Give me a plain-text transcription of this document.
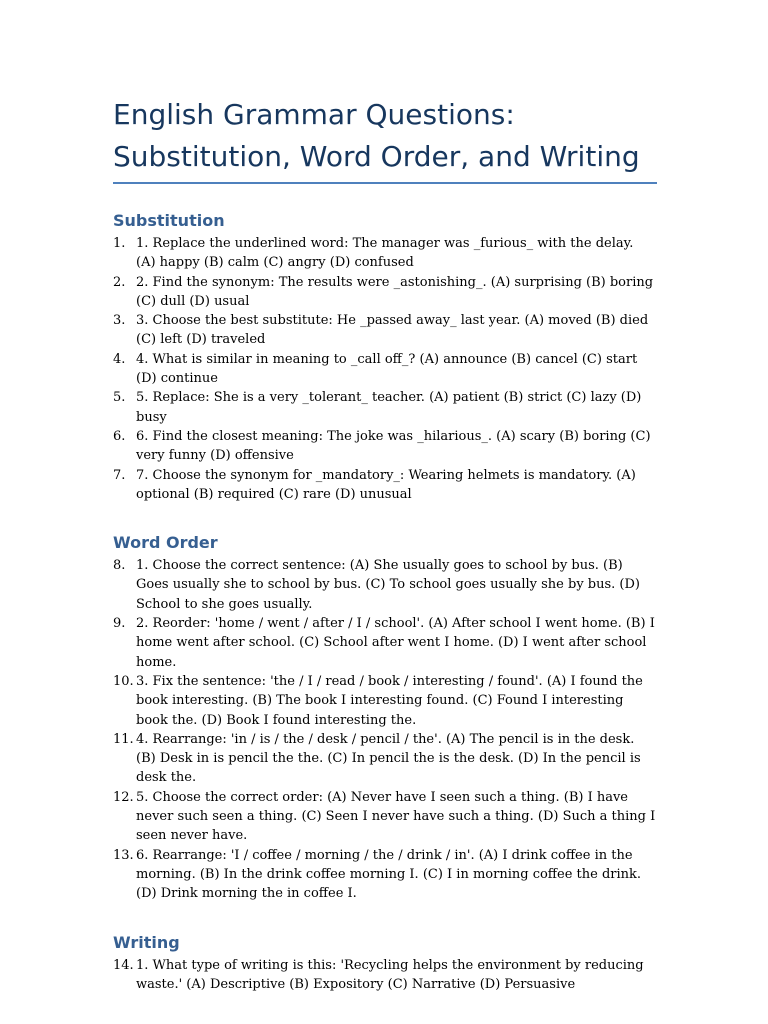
English Grammar Questions:
Substitution, Word Order, and Writing
Substitution
1. 1. Replace the underlined word: The manager was _furious_ with the delay. (A) happy (B) calm (C) angry (D) confused
2. 2. Find the synonym: The results were _astonishing_. (A) surprising (B) boring (C) dull (D) usual
3. 3. Choose the best substitute: He _passed away_ last year. (A) moved (B) died (C) left (D) traveled
4. 4. What is similar in meaning to _call off_? (A) announce (B) cancel (C) start (D) continue
5. 5. Replace: She is a very _tolerant_ teacher. (A) patient (B) strict (C) lazy (D) busy
6. 6. Find the closest meaning: The joke was _hilarious_. (A) scary (B) boring (C) very funny (D) offensive
7. 7. Choose the synonym for _mandatory_: Wearing helmets is mandatory. (A) optional (B) required (C) rare (D) unusual
Word Order
8. 1. Choose the correct sentence: (A) She usually goes to school by bus. (B) Goes usually she to school by bus. (C) To school goes usually she by bus. (D) School to she goes usually.
9. 2. Reorder: 'home / went / after / I / school'. (A) After school I went home. (B) I home went after school. (C) School after went I home. (D) I went after school home.
10. 3. Fix the sentence: 'the / I / read / book / interesting / found'. (A) I found the book interesting. (B) The book I interesting found. (C) Found I interesting book the. (D) Book I found interesting the.
11. 4. Rearrange: 'in / is / the / desk / pencil / the'. (A) The pencil is in the desk. (B) Desk in is pencil the the. (C) In pencil the is the desk. (D) In the pencil is desk the.
12. 5. Choose the correct order: (A) Never have I seen such a thing. (B) I have never such seen a thing. (C) Seen I never have such a thing. (D) Such a thing I seen never have.
13. 6. Rearrange: 'I / coffee / morning / the / drink / in'. (A) I drink coffee in the morning. (B) In the drink coffee morning I. (C) I in morning coffee the drink. (D) Drink morning the in coffee I.
Writing
14. 1. What type of writing is this: 'Recycling helps the environment by reducing waste.' (A) Descriptive (B) Expository (C) Narrative (D) Persuasive
